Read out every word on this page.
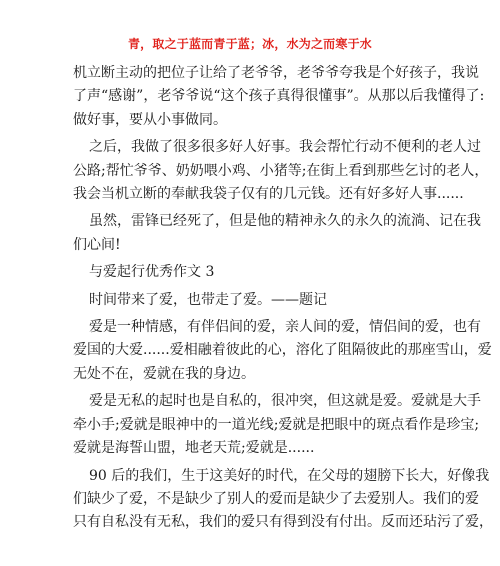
青，取之于蓝而青于蓝；冰，水为之而寒于水
机立断主动的把位子让给了老爷爷，老爷爷夸我是个好孩子，我说
了声“感谢”，老爷爷说“这个孩子真得很懂事”。从那以后我懂得了:
做好事，要从小事做同。
之后，我做了很多很多好人好事。我会帮忙行动不便利的老人过
公路;帮忙爷爷、奶奶喂小鸡、小猪等;在街上看到那些乞讨的老人，
我会当机立断的奉献我袋子仅有的几元钱。还有好多好人事......
虽然，雷锋已经死了，但是他的精神永久的永久的流淌、记在我
们心间!
与爱起行优秀作文 3
时间带来了爱，也带走了爱。——题记
爱是一种情感，有伴侣间的爱，亲人间的爱，情侣间的爱，也有
爱国的大爱......爱相融着彼此的心，溶化了阻隔彼此的那座雪山，爱
无处不在，爱就在我的身边。
爱是无私的起时也是自私的，很冲突，但这就是爱。爱就是大手
牵小手;爱就是眼神中的一道光线;爱就是把眼中的斑点看作是珍宝;
爱就是海誓山盟，地老天荒;爱就是......
90 后的我们，生于这美好的时代，在父母的翅膀下长大，好像我
们缺少了爱，不是缺少了别人的爱而是缺少了去爱别人。我们的爱
只有自私没有无私，我们的爱只有得到没有付出。反而还玷污了爱，
